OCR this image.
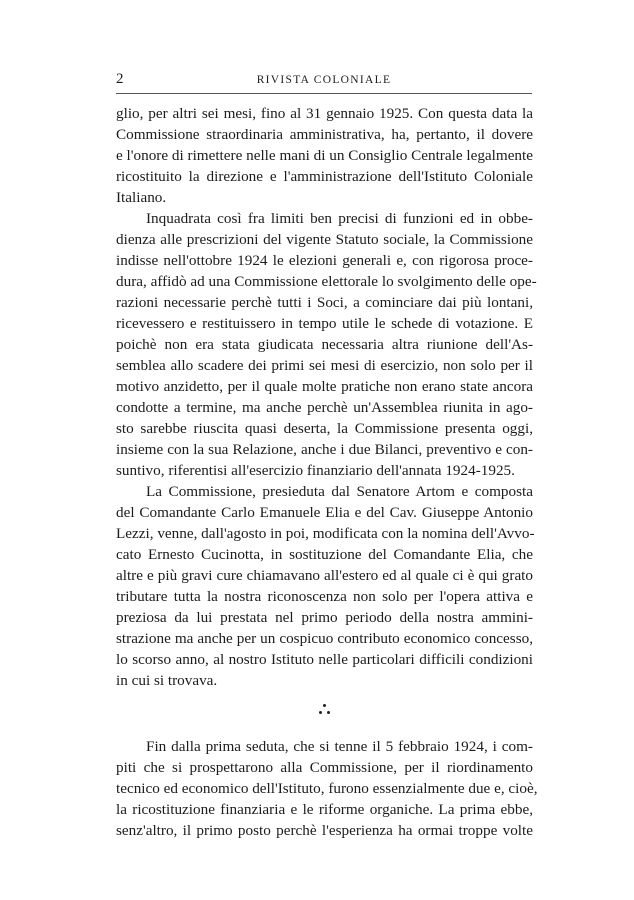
2	RIVISTA COLONIALE
glio, per altri sei mesi, fino al 31 gennaio 1925. Con questa data la
Commissione straordinaria amministrativa, ha, pertanto, il dovere
e l'onore di rimettere nelle mani di un Consiglio Centrale legalmente
ricostituito la direzione e l'amministrazione dell'Istituto Coloniale
Italiano.
Inquadrata così fra limiti ben precisi di funzioni ed in obbe-
dienza alle prescrizioni del vigente Statuto sociale, la Commissione
indisse nell'ottobre 1924 le elezioni generali e, con rigorosa proce-
dura, affidò ad una Commissione elettorale lo svolgimento delle ope-
razioni necessarie perchè tutti i Soci, a cominciare dai più lontani,
ricevessero e restituissero in tempo utile le schede di votazione. E
poichè non era stata giudicata necessaria altra riunione dell'As-
semblea allo scadere dei primi sei mesi di esercizio, non solo per il
motivo anzidetto, per il quale molte pratiche non erano state ancora
condotte a termine, ma anche perchè un'Assemblea riunita in ago-
sto sarebbe riuscita quasi deserta, la Commissione presenta oggi,
insieme con la sua Relazione, anche i due Bilanci, preventivo e con-
suntivo, riferentisi all'esercizio finanziario dell'annata 1924-1925.
La Commissione, presieduta dal Senatore Artom e composta
del Comandante Carlo Emanuele Elia e del Cav. Giuseppe Antonio
Lezzi, venne, dall'agosto in poi, modificata con la nomina dell'Avvo-
cato Ernesto Cucinotta, in sostituzione del Comandante Elia, che
altre e più gravi cure chiamavano all'estero ed al quale ci è qui grato
tributare tutta la nostra riconoscenza non solo per l'opera attiva e
preziosa da lui prestata nel primo periodo della nostra ammini-
strazione ma anche per un cospicuo contributo economico concesso,
lo scorso anno, al nostro Istituto nelle particolari difficili condizioni
in cui si trovava.
Fin dalla prima seduta, che si tenne il 5 febbraio 1924, i com-
piti che si prospettarono alla Commissione, per il riordinamento
tecnico ed economico dell'Istituto, furono essenzialmente due e, cioè,
la ricostituzione finanziaria e le riforme organiche. La prima ebbe,
senz'altro, il primo posto perchè l'esperienza ha ormai troppe volte
